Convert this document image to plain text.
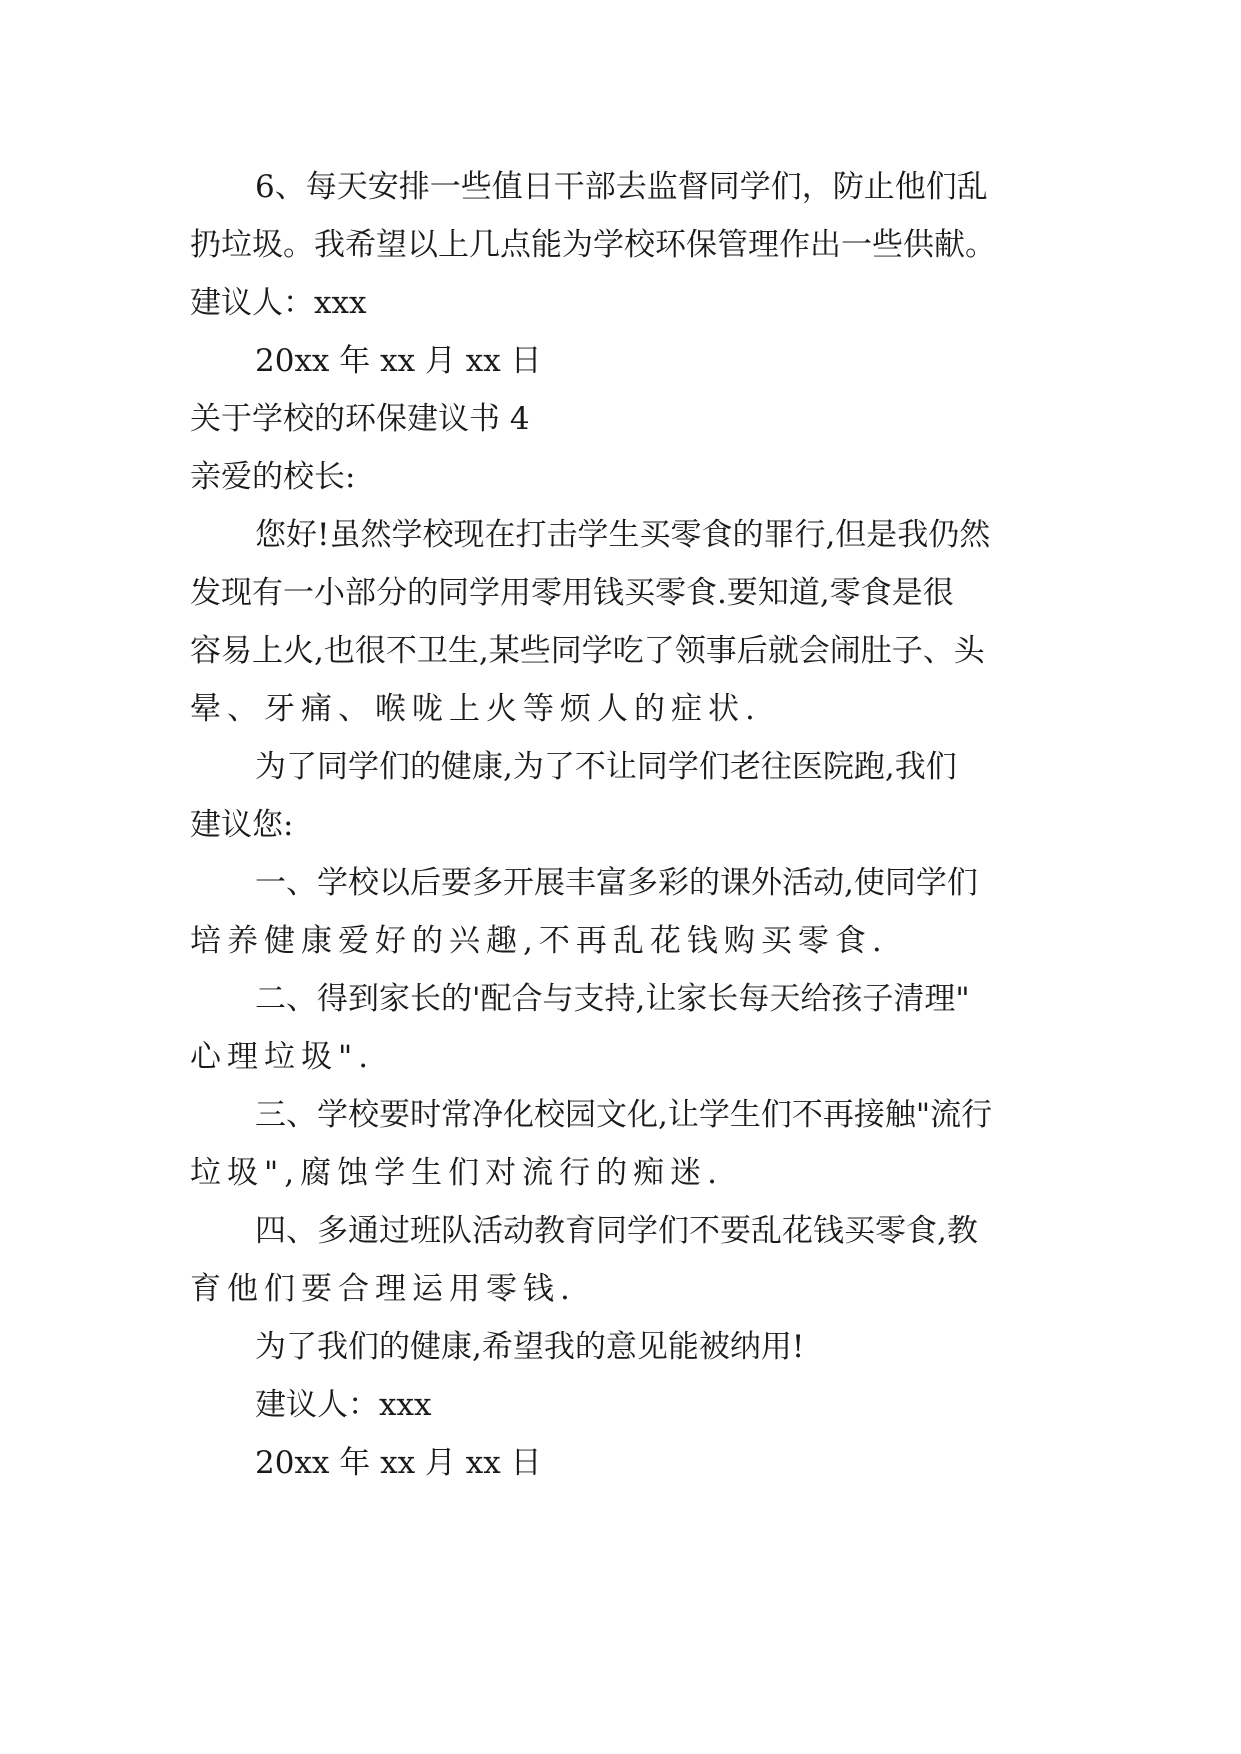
6、每天安排一些值日干部去监督同学们，防止他们乱
扔垃圾。我希望以上几点能为学校环保管理作出一些供献。
建议人：xxx
20xx 年 xx 月 xx 日
关于学校的环保建议书 4
亲爱的校长:
您好!虽然学校现在打击学生买零食的罪行,但是我仍然
发现有一小部分的同学用零用钱买零食.要知道,零食是很
容易上火,也很不卫生,某些同学吃了领事后就会闹肚子、头
晕、牙痛、喉咙上火等烦人的症状.
为了同学们的健康,为了不让同学们老往医院跑,我们
建议您:
一、学校以后要多开展丰富多彩的课外活动,使同学们
培养健康爱好的兴趣,不再乱花钱购买零食.
二、得到家长的'配合与支持,让家长每天给孩子清理"
心理垃圾".
三、学校要时常净化校园文化,让学生们不再接触"流行
垃圾",腐蚀学生们对流行的痴迷.
四、多通过班队活动教育同学们不要乱花钱买零食,教
育他们要合理运用零钱.
为了我们的健康,希望我的意见能被纳用!
建议人：xxx
20xx 年 xx 月 xx 日
